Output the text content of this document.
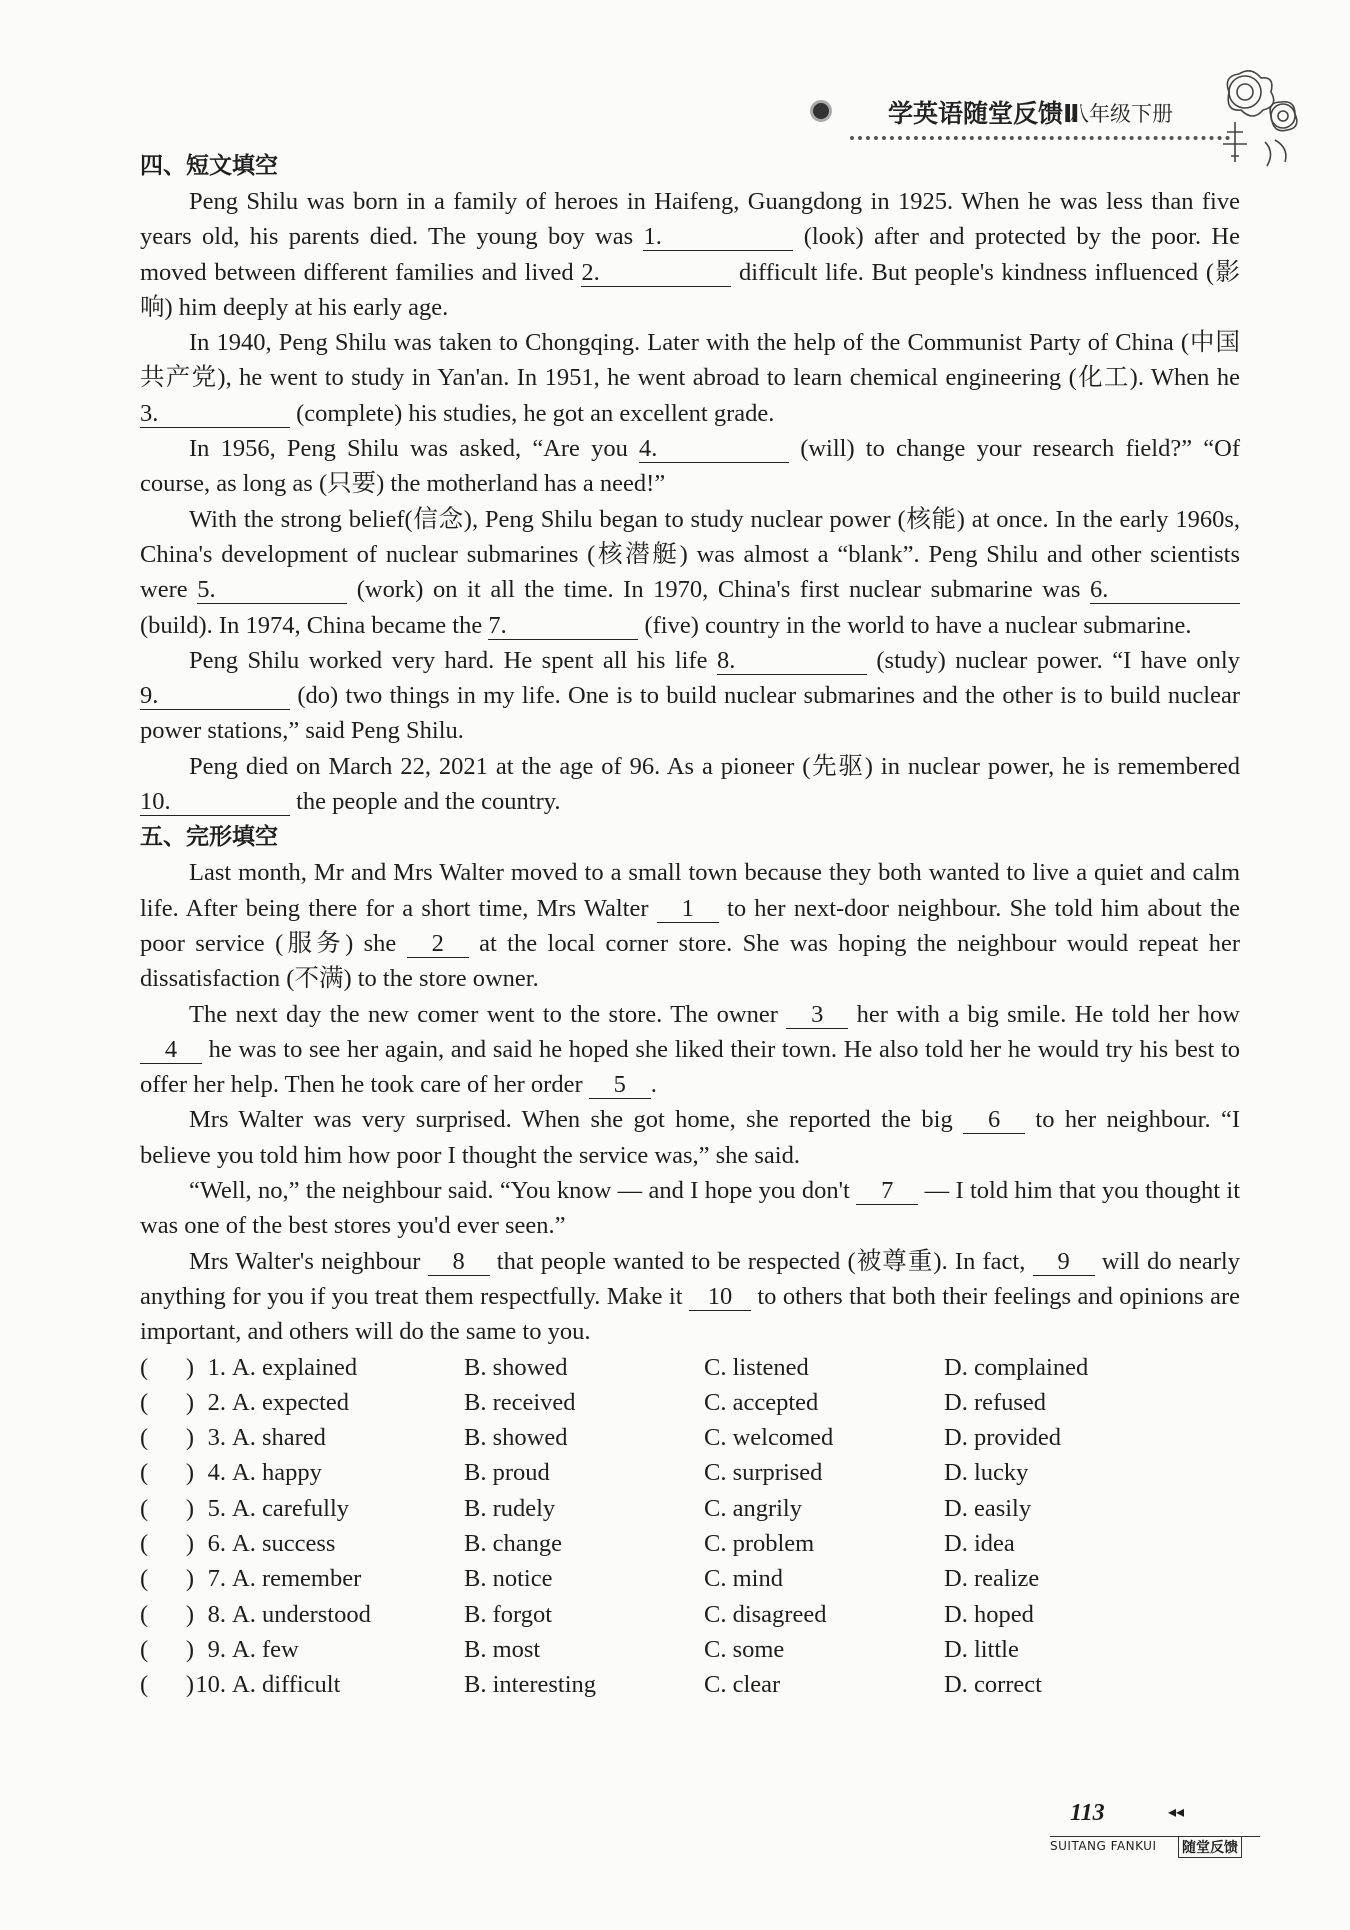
学英语随堂反馈Ⅱ
八年级下册
四、短文填空

Peng Shilu was born in a family of heroes in Haifeng, Guangdong in 1925. When he was less than five years old, his parents died. The young boy was 1.	(look) after and protected by the poor. He moved between different families and lived 2.	difficult life. But people's kindness influenced (影响) him deeply at his early age.

In 1940, Peng Shilu was taken to Chongqing. Later with the help of the Communist Party of China (中国共产党), he went to study in Yan'an. In 1951, he went abroad to learn chemical engineering (化工). When he 3.	(complete) his studies, he got an excellent grade.

In 1956, Peng Shilu was asked, “Are you 4.	(will) to change your research field?” “Of course, as long as (只要) the motherland has a need!”

With the strong belief(信念), Peng Shilu began to study nuclear power (核能) at once. In the early 1960s, China's development of nuclear submarines (核潜艇) was almost a “blank”. Peng Shilu and other scientists were 5.	(work) on it all the time. In 1970, China's first nuclear submarine was 6. (build). In 1974, China became the 7.	(five) country in the world to have a nuclear submarine.

Peng Shilu worked very hard. He spent all his life 8.	(study) nuclear power. “I have only 9.	(do) two things in my life. One is to build nuclear submarines and the other is to build nuclear power stations,” said Peng Shilu.

Peng died on March 22, 2021 at the age of 96. As a pioneer (先驱) in nuclear power, he is remembered 10.	the people and the country.

五、完形填空

Last month, Mr and Mrs Walter moved to a small town because they both wanted to live a quiet and calm life. After being there for a short time, Mrs Walter 1 to her next-door neighbour. She told him about the poor service (服务) she 2 at the local corner store. She was hoping the neighbour would repeat her dissatisfaction (不满) to the store owner.

The next day the new comer went to the store. The owner 3 her with a big smile. He told her how 4 he was to see her again, and said he hoped she liked their town. He also told her he would try his best to offer her help. Then he took care of her order 5 .

Mrs Walter was very surprised. When she got home, she reported the big 6 to her neighbour. “I believe you told him how poor I thought the service was,” she said.

“Well, no,” the neighbour said. “You know — and I hope you don't 7 — I told him that you thought it was one of the best stores you'd ever seen.”

Mrs Walter's neighbour 8 that people wanted to be respected (被尊重). In fact, 9 will do nearly anything for you if you treat them respectfully. Make it 10 to others that both their feelings and opinions are important, and others will do the same to you.

( )
1. A. explained	B. showed	C. listened	D. complained
( )
2. A. expected	B. received	C. accepted	D. refused
( )
3. A. shared	B. showed	C. welcomed	D. provided
( )
4. A. happy	B. proud	C. surprised	D. lucky
( )
5. A. carefully	B. rudely	C. angrily	D. easily
( )
6. A. success	B. change	C. problem	D. idea
( )
7. A. remember	B. notice	C. mind	D. realize
( )
8. A. understood	B. forgot	C. disagreed	D. hoped
( )
9. A. few	B. most	C. some	D. little
( )
10. A. difficult	B. interesting	C. clear	D. correct
113	◂◂
SUITANG FANKUI	随堂反馈
